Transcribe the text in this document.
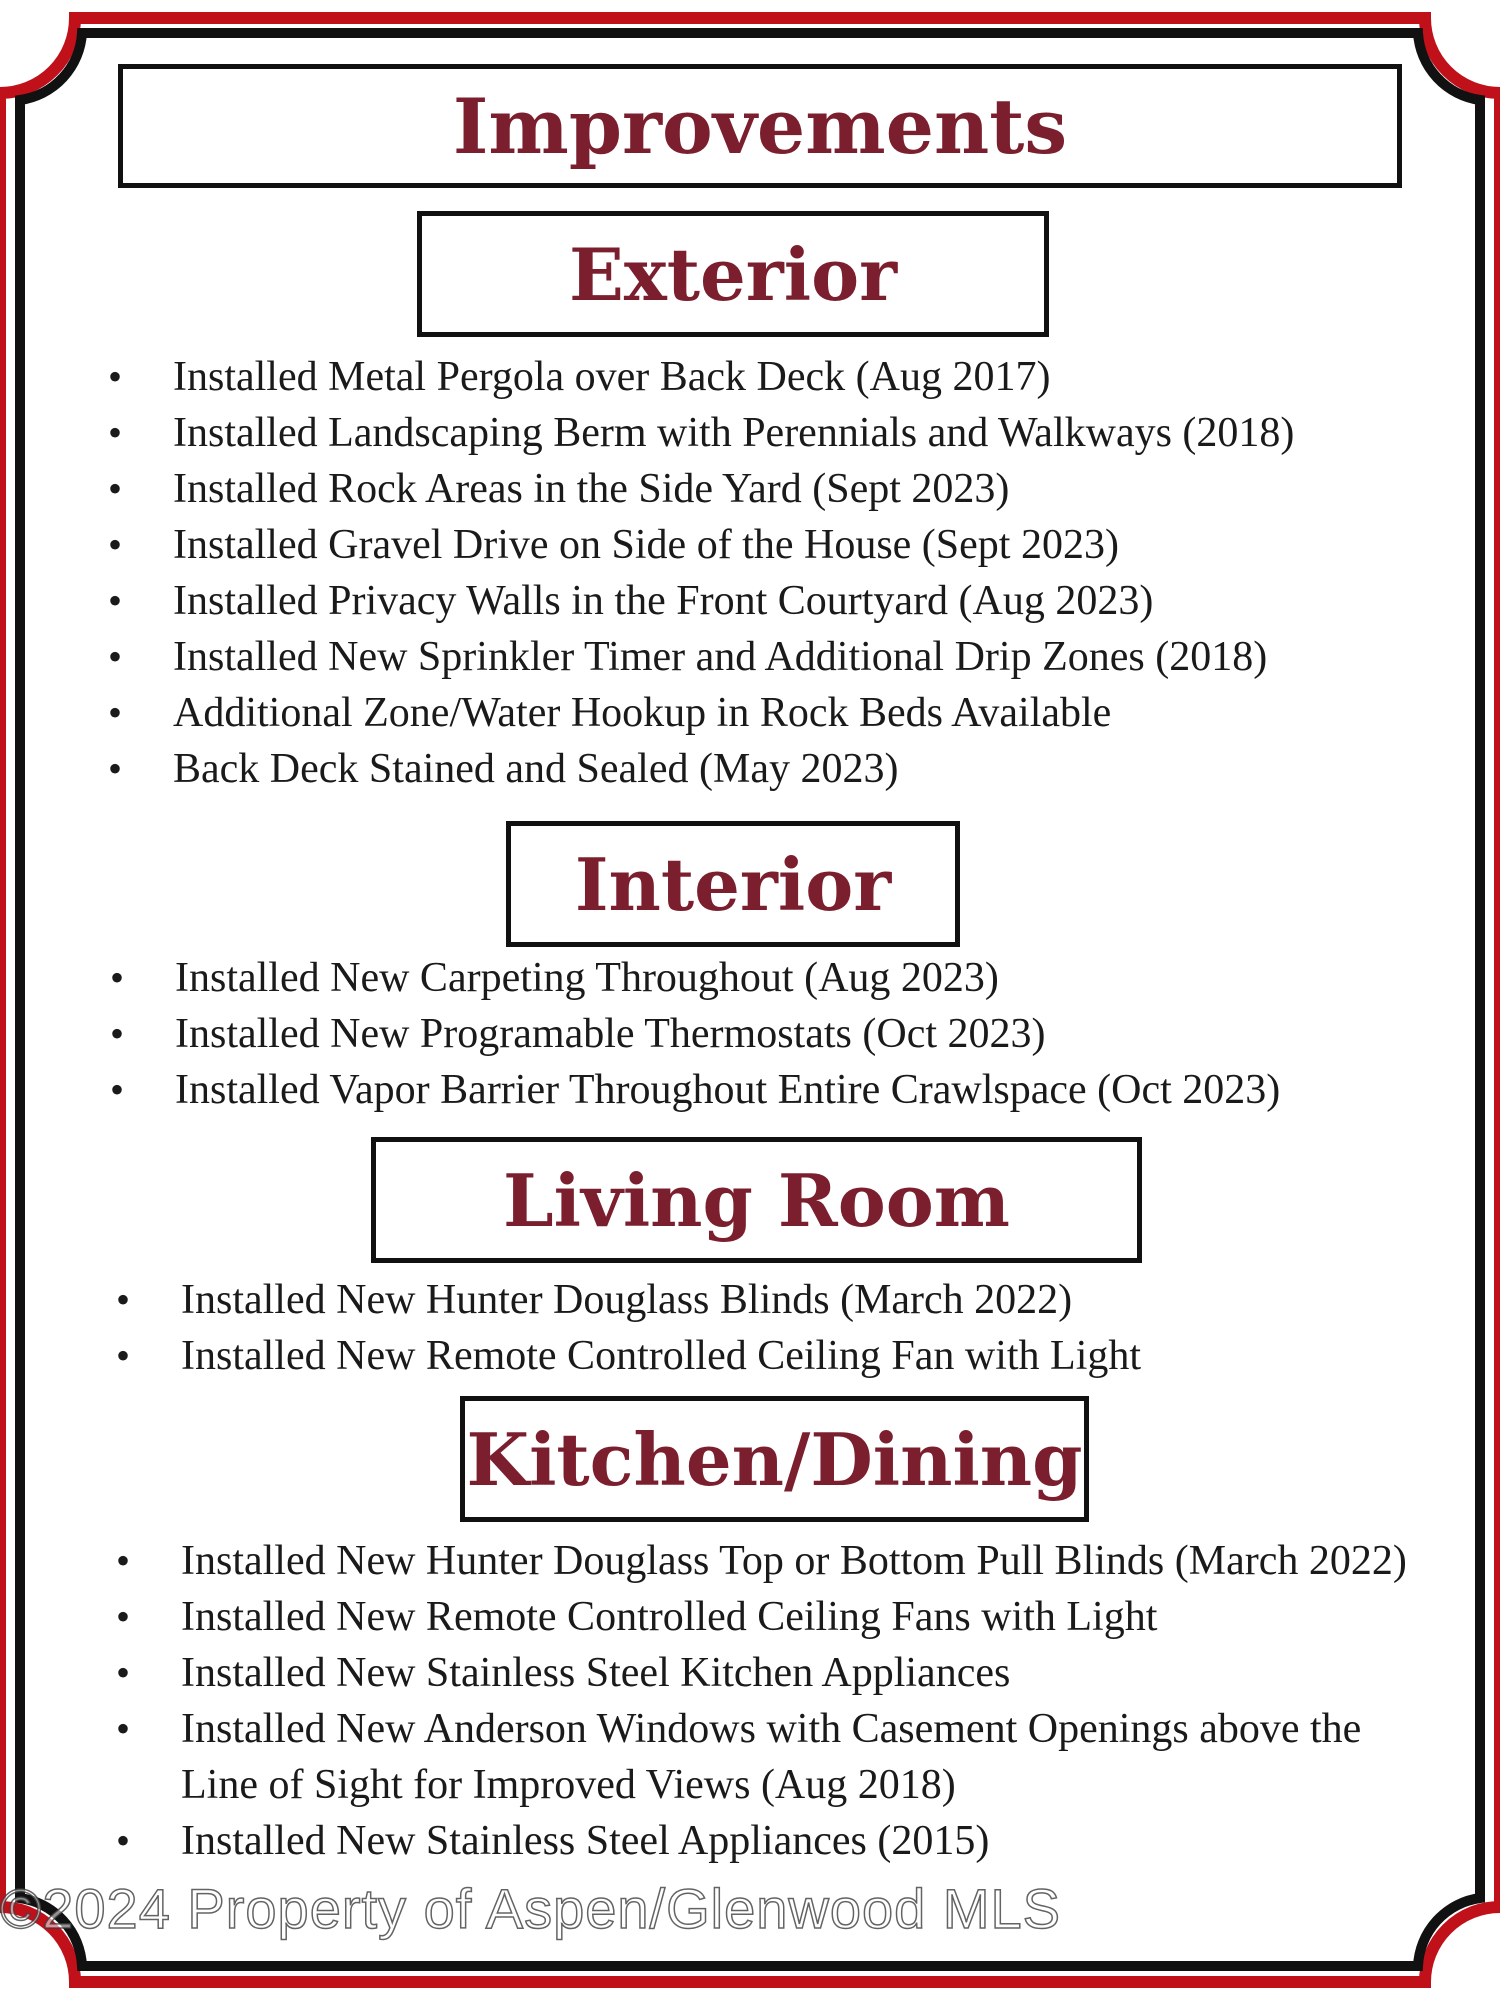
Improvements
Exterior
• Installed Metal Pergola over Back Deck (Aug 2017)
• Installed Landscaping Berm with Perennials and Walkways (2018)
• Installed Rock Areas in the Side Yard (Sept 2023)
• Installed Gravel Drive on Side of the House (Sept 2023)
• Installed Privacy Walls in the Front Courtyard (Aug 2023)
• Installed New Sprinkler Timer and Additional Drip Zones (2018)
• Additional Zone/Water Hookup in Rock Beds Available
• Back Deck Stained and Sealed (May 2023)
Interior
• Installed New Carpeting Throughout (Aug 2023)
• Installed New Programable Thermostats (Oct 2023)
• Installed Vapor Barrier Throughout Entire Crawlspace (Oct 2023)
Living Room
• Installed New Hunter Douglass Blinds (March 2022)
• Installed New Remote Controlled Ceiling Fan with Light
Kitchen/Dining
• Installed New Hunter Douglass Top or Bottom Pull Blinds (March 2022)
• Installed New Remote Controlled Ceiling Fans with Light
• Installed New Stainless Steel Kitchen Appliances
• Installed New Anderson Windows with Casement Openings above the Line of Sight for Improved Views (Aug 2018)
• Installed New Stainless Steel Appliances (2015)
©2024 Property of Aspen/Glenwood MLS
